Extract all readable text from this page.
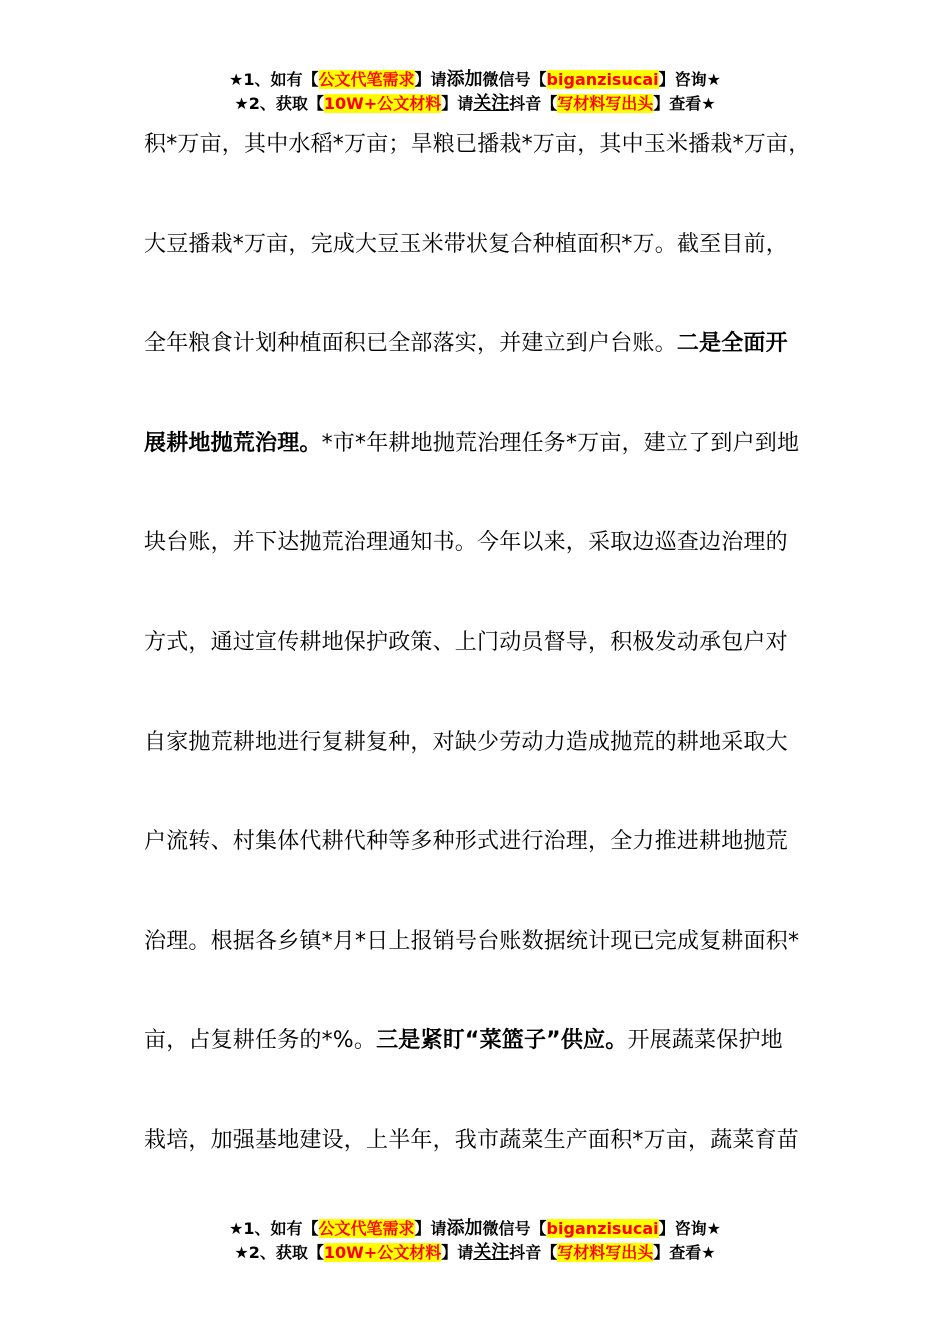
★1、如有【公文代笔需求】请添加微信号【biganzisucai】咨询★
★2、获取【10W+公文材料】请关注抖音【写材料写出头】查看★
积*万亩，其中水稻*万亩；旱粮已播栽*万亩，其中玉米播栽*万亩，
大豆播栽*万亩，完成大豆玉米带状复合种植面积*万。截至目前，
全年粮食计划种植面积已全部落实，并建立到户台账。二是全面开
展耕地抛荒治理。*市*年耕地抛荒治理任务*万亩，建立了到户到地
块台账，并下达抛荒治理通知书。今年以来，采取边巡查边治理的
方式，通过宣传耕地保护政策、上门动员督导，积极发动承包户对
自家抛荒耕地进行复耕复种，对缺少劳动力造成抛荒的耕地采取大
户流转、村集体代耕代种等多种形式进行治理，全力推进耕地抛荒
治理。根据各乡镇*月*日上报销号台账数据统计现已完成复耕面积*
亩，占复耕任务的*%。三是紧盯“菜篮子”供应。开展蔬菜保护地
栽培，加强基地建设，上半年，我市蔬菜生产面积*万亩，蔬菜育苗
★1、如有【公文代笔需求】请添加微信号【biganzisucai】咨询★
★2、获取【10W+公文材料】请关注抖音【写材料写出头】查看★
